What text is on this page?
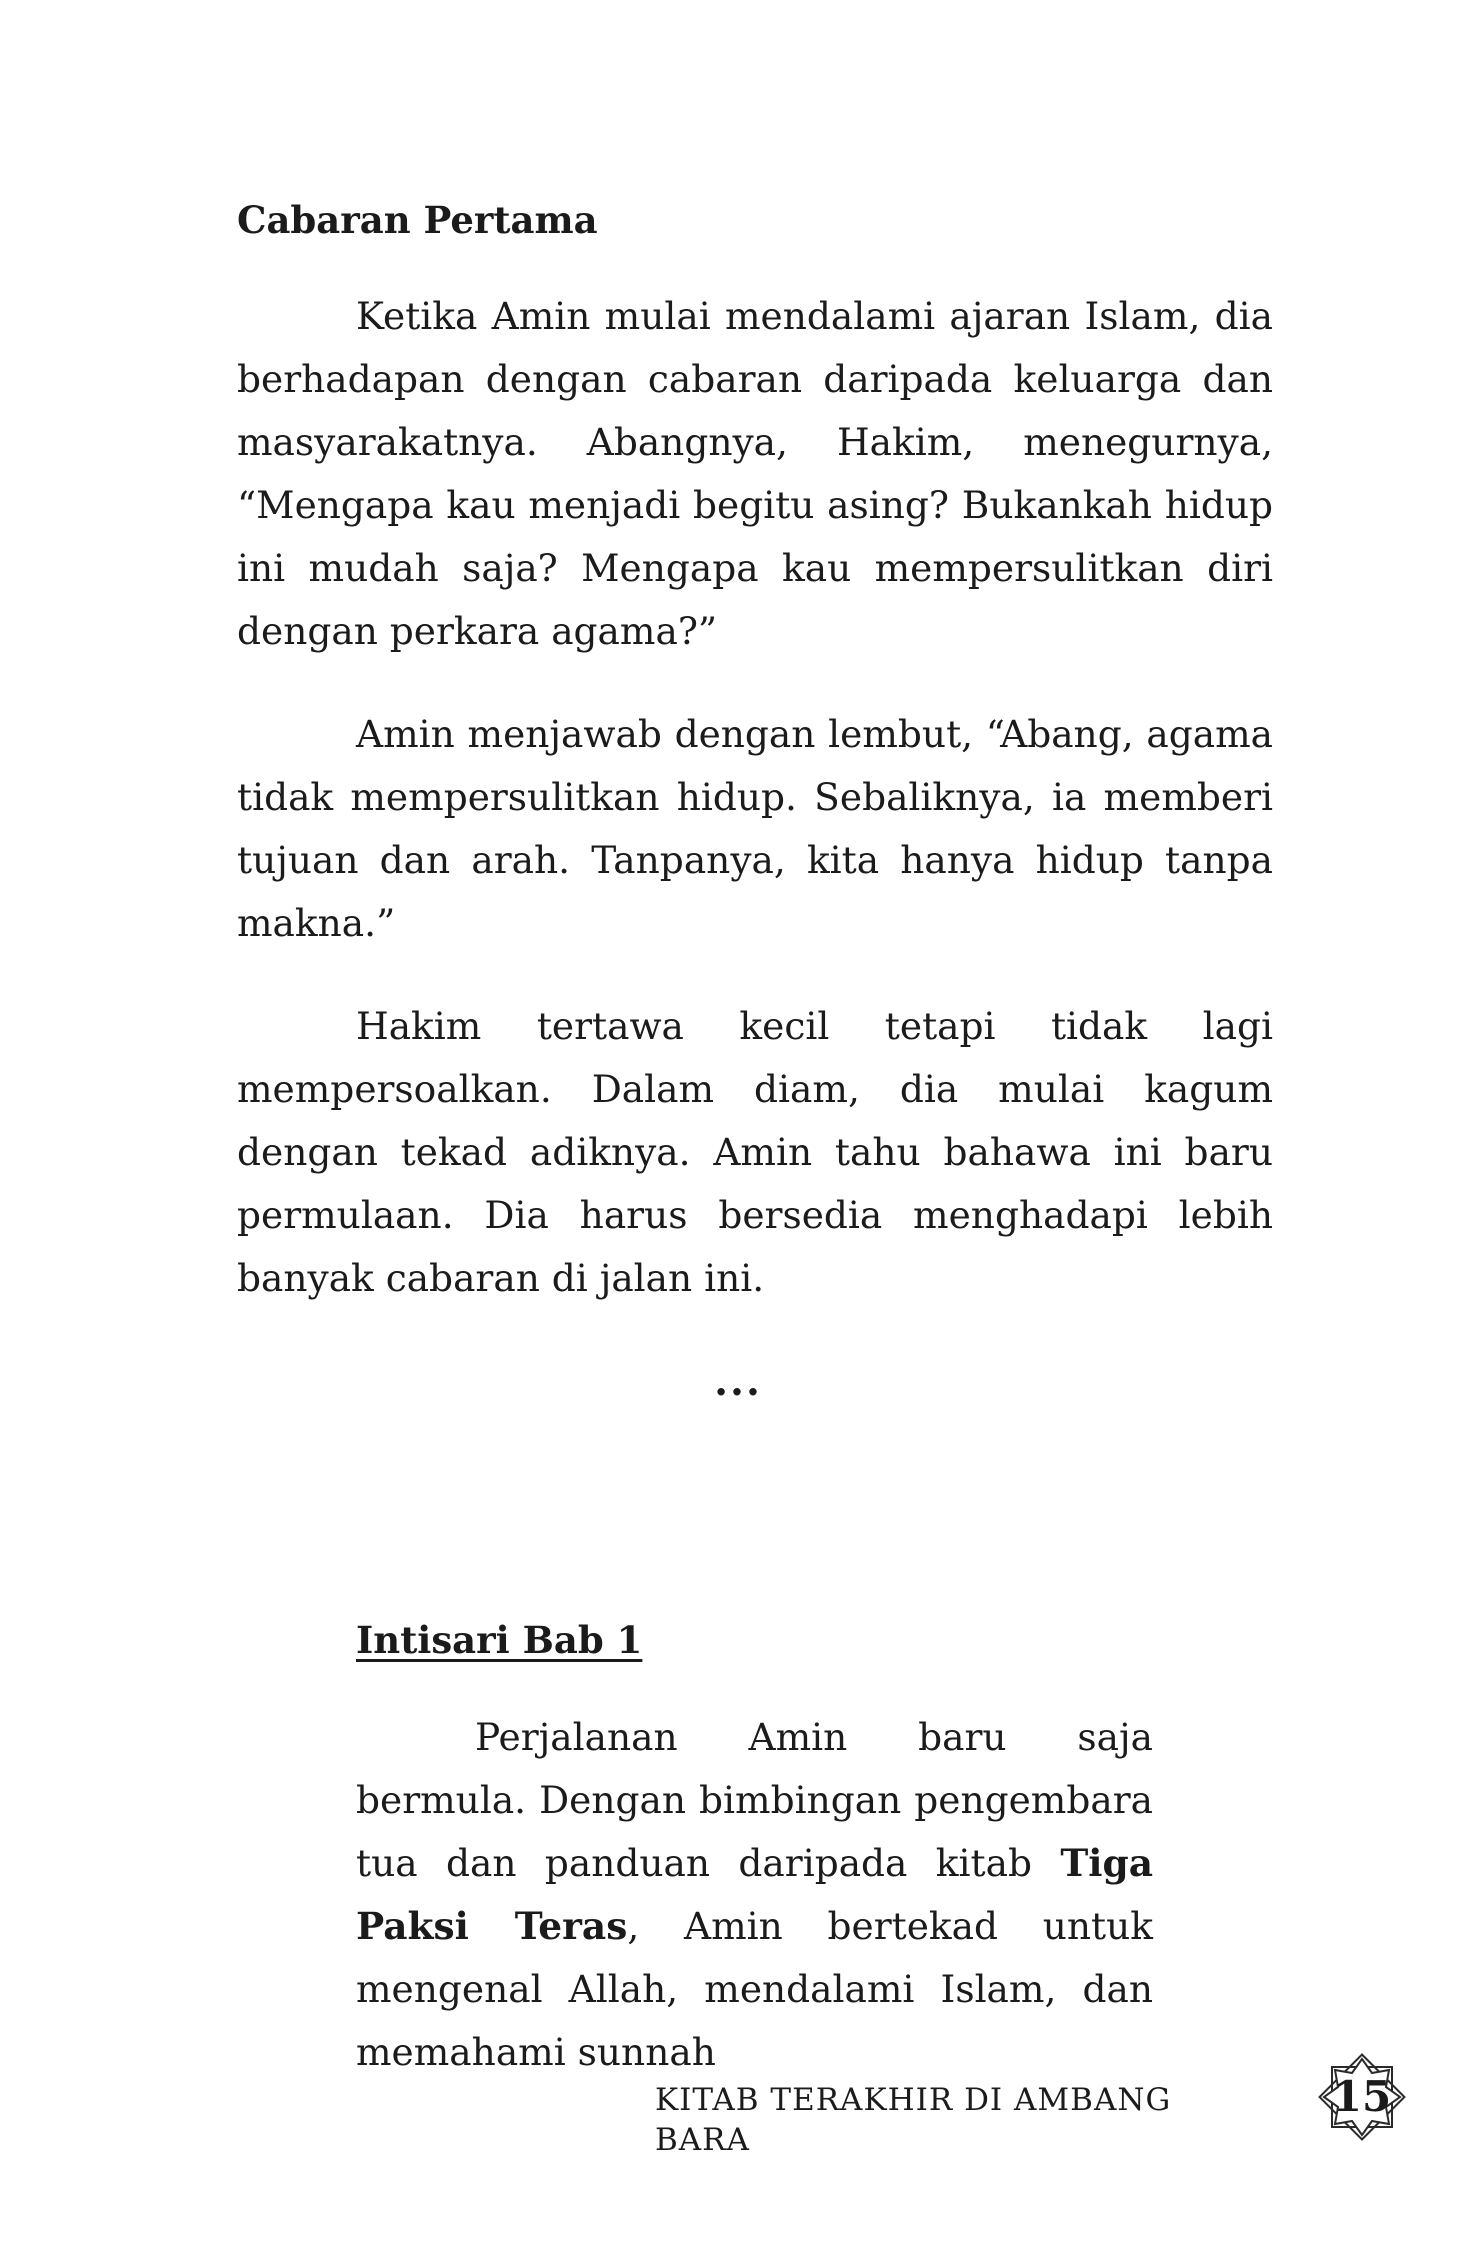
Cabaran Pertama

Ketika Amin mulai mendalami ajaran Islam, dia berhadapan dengan cabaran daripada keluarga dan masyarakatnya. Abangnya, Hakim, menegurnya, “Mengapa kau menjadi begitu asing? Bukankah hidup ini mudah saja? Mengapa kau mempersulitkan diri dengan perkara agama?”

Amin menjawab dengan lembut, “Abang, agama tidak mempersulitkan hidup. Sebaliknya, ia memberi tujuan dan arah. Tanpanya, kita hanya hidup tanpa makna.”

Hakim tertawa kecil tetapi tidak lagi mempersoalkan. Dalam diam, dia mulai kagum dengan tekad adiknya. Amin tahu bahawa ini baru permulaan. Dia harus bersedia menghadapi lebih banyak cabaran di jalan ini.

...
Intisari Bab 1

Perjalanan Amin baru saja bermula. Dengan bimbingan pengembara tua dan panduan daripada kitab Tiga Paksi Teras, Amin bertekad untuk mengenal Allah, mendalami Islam, dan memahami sunnah

KITAB TERAKHIR DI AMBANG BARA
15
